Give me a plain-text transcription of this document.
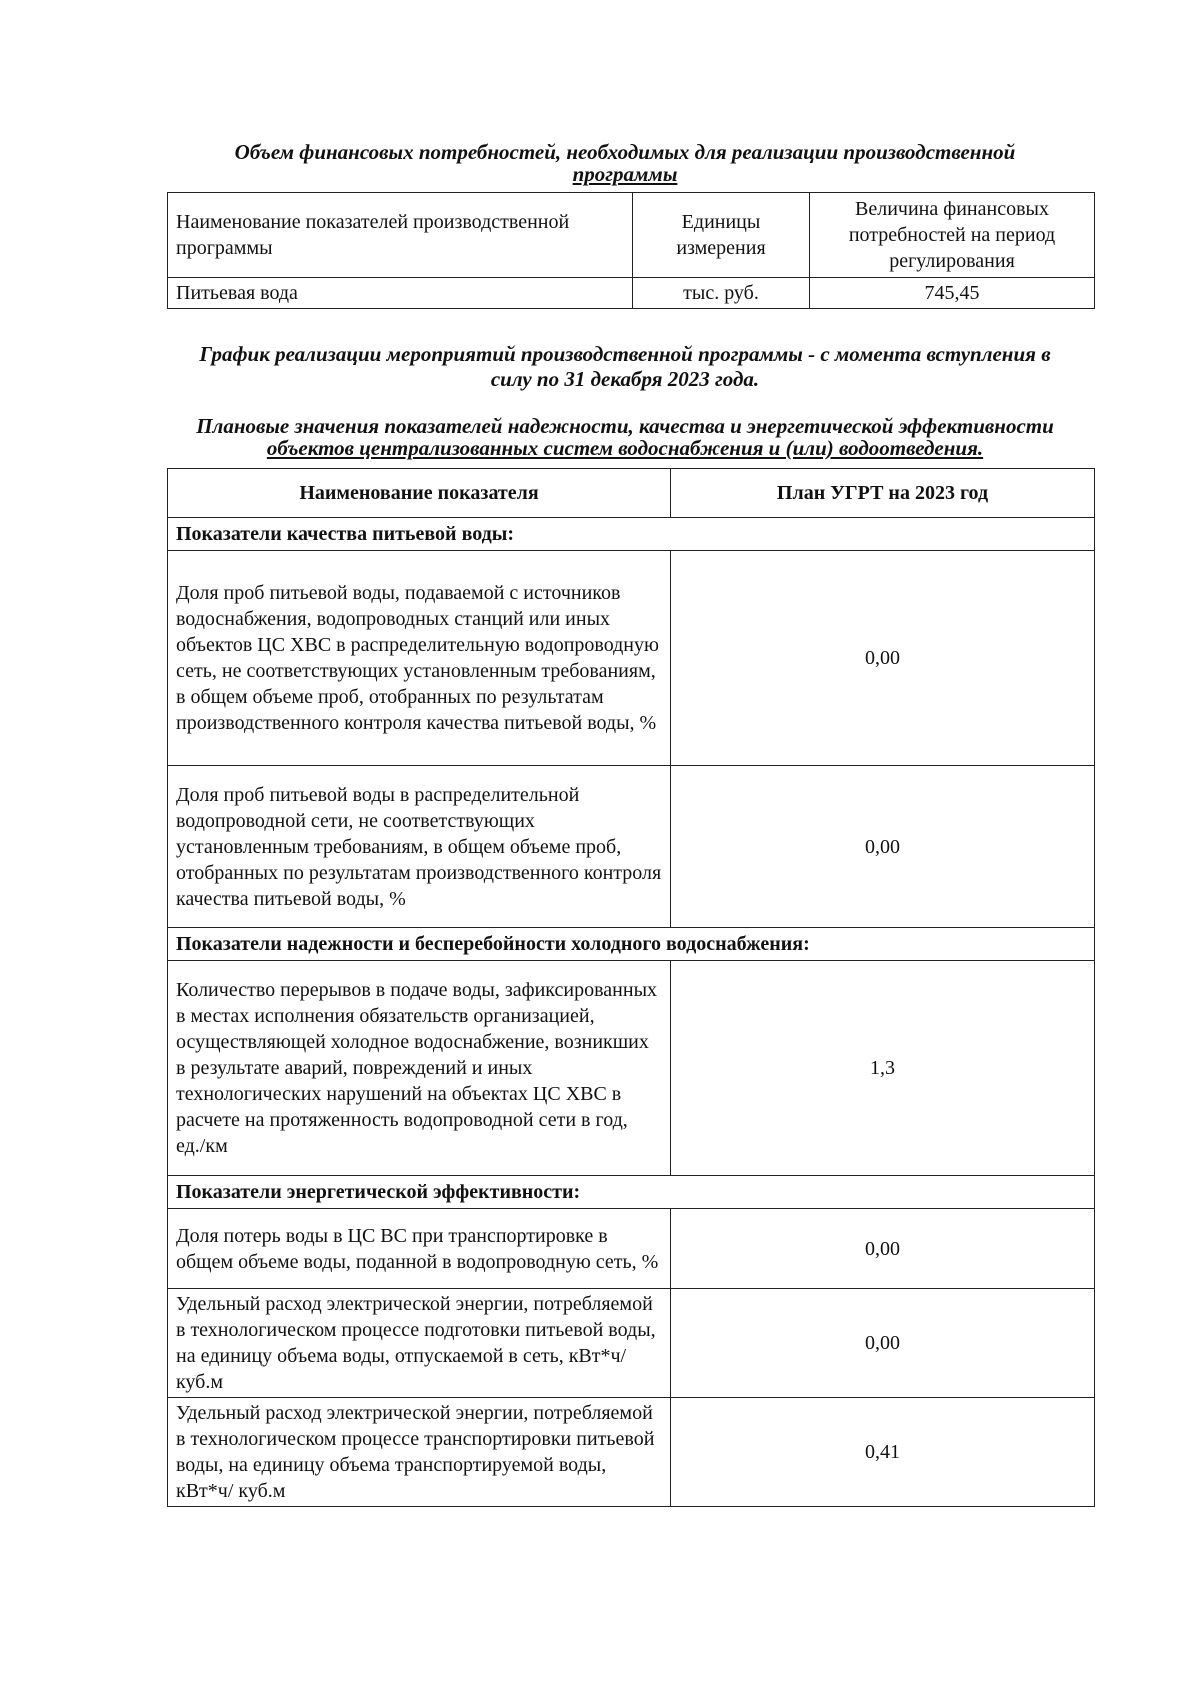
Объем финансовых потребностей, необходимых для реализации производственной
программы
Наименование показателей производственной программы	Единицы измерения	Величина финансовых потребностей на период регулирования
Питьевая вода	тыс. руб.	745,45
График реализации мероприятий производственной программы - с момента вступления в
силу по 31 декабря 2023 года.
Плановые значения показателей надежности, качества и энергетической эффективности
объектов централизованных систем водоснабжения и (или) водоотведения.
Наименование показателя	План УГРТ на 2023 год
Показатели качества питьевой воды:	
Доля проб питьевой воды, подаваемой с источников водоснабжения, водопроводных станций или иных объектов ЦС ХВС в распределительную водопроводную сеть, не соответствующих установленным требованиям, в общем объеме проб, отобранных по результатам производственного контроля качества питьевой воды, %	0,00
Доля проб питьевой воды в распределительной водопроводной сети, не соответствующих установленным требованиям, в общем объеме проб, отобранных по результатам производственного контроля качества питьевой воды, %	0,00
Показатели надежности и бесперебойности холодного водоснабжения:	
Количество перерывов в подаче воды, зафиксированных в местах исполнения обязательств организацией, осуществляющей холодное водоснабжение, возникших в результате аварий, повреждений и иных технологических нарушений на объектах ЦС ХВС в расчете на протяженность водопроводной сети в год, ед./км	1,3
Показатели энергетической эффективности:	
Доля потерь воды в ЦС ВС при транспортировке в общем объеме воды, поданной в водопроводную сеть, %	0,00
Удельный расход электрической энергии, потребляемой в технологическом процессе подготовки питьевой воды, на единицу объема воды, отпускаемой в сеть, кВт*ч/ куб.м	0,00
Удельный расход электрической энергии, потребляемой в технологическом процессе транспортировки питьевой воды, на единицу объема транспортируемой воды, кВт*ч/ куб.м	0,41
